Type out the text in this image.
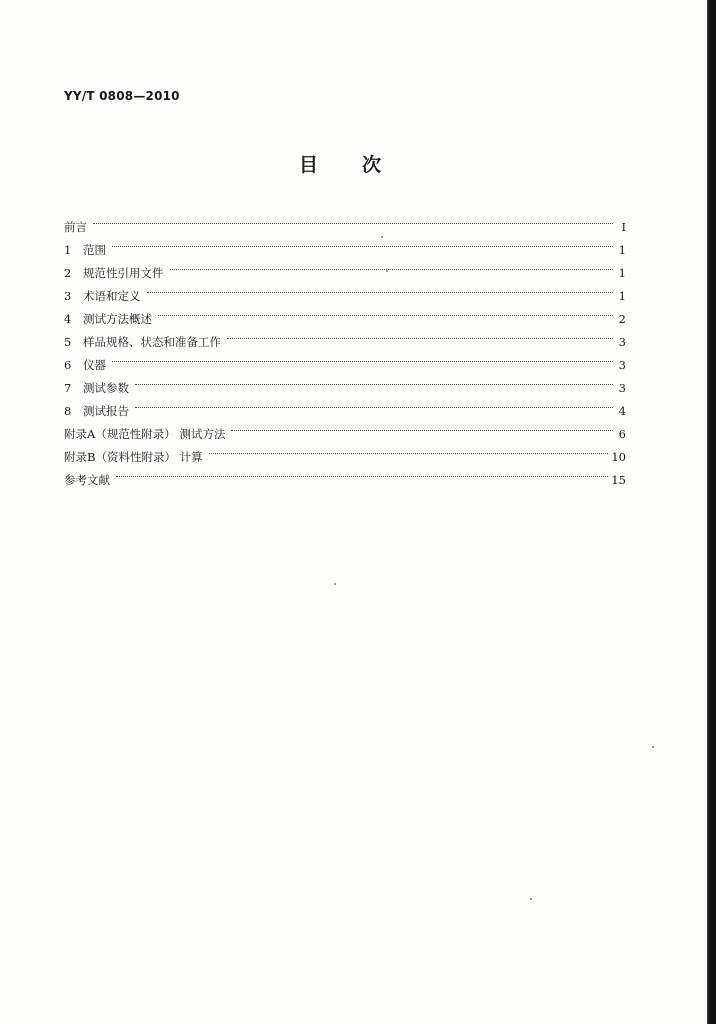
YY/T 0808—2010
目次
前言	Ⅰ
1	范围	1
2	规范性引用文件	1
3	术语和定义	1
4	测试方法概述	2
5	样品规格、状态和准备工作	3
6	仪器	3
7	测试参数	3
8	测试报告	4
附录A（规范性附录） 测试方法	6
附录B（资料性附录） 计算	10
参考文献	15
